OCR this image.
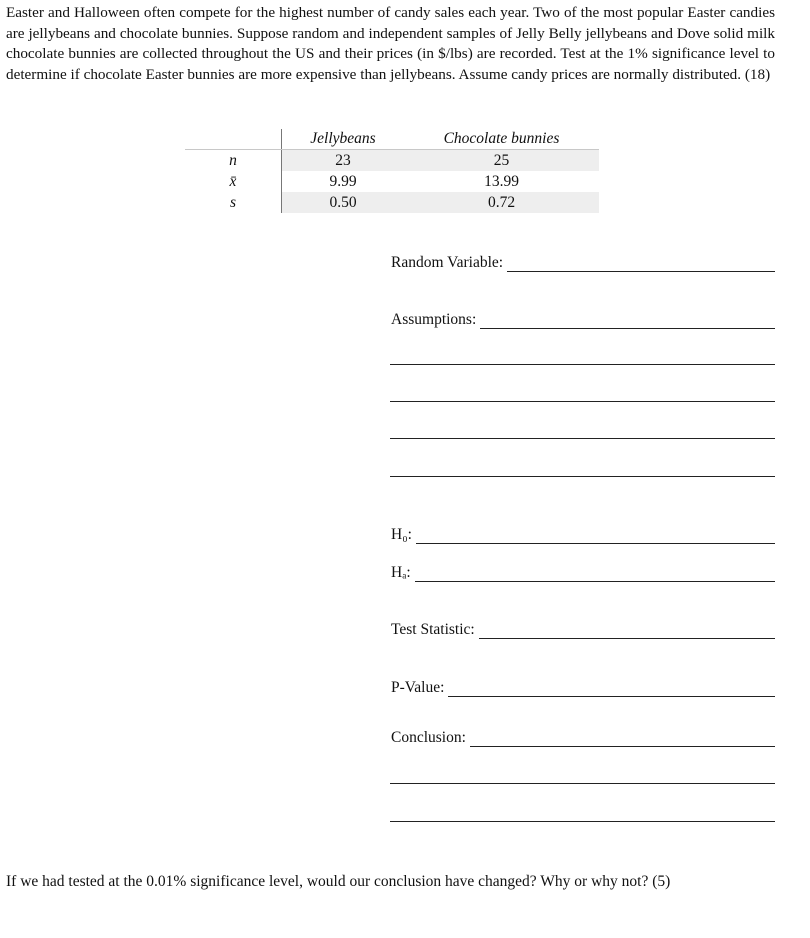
Easter and Halloween often compete for the highest number of candy sales each year. Two of the most popular Easter candies are jellybeans and chocolate bunnies. Suppose random and independent samples of Jelly Belly jellybeans and Dove solid milk chocolate bunnies are collected throughout the US and their prices (in $/lbs) are recorded. Test at the 1% significance level to determine if chocolate Easter bunnies are more expensive than jellybeans. Assume candy prices are normally distributed. (18)

	Jellybeans	Chocolate bunnies
n	23	25
x̄	9.99	13.99
s	0.50	0.72
Random Variable:
Assumptions:
H₀:
Hₐ:
Test Statistic:
P-Value:
Conclusion:

If we had tested at the 0.01% significance level, would our conclusion have changed? Why or why not? (5)
